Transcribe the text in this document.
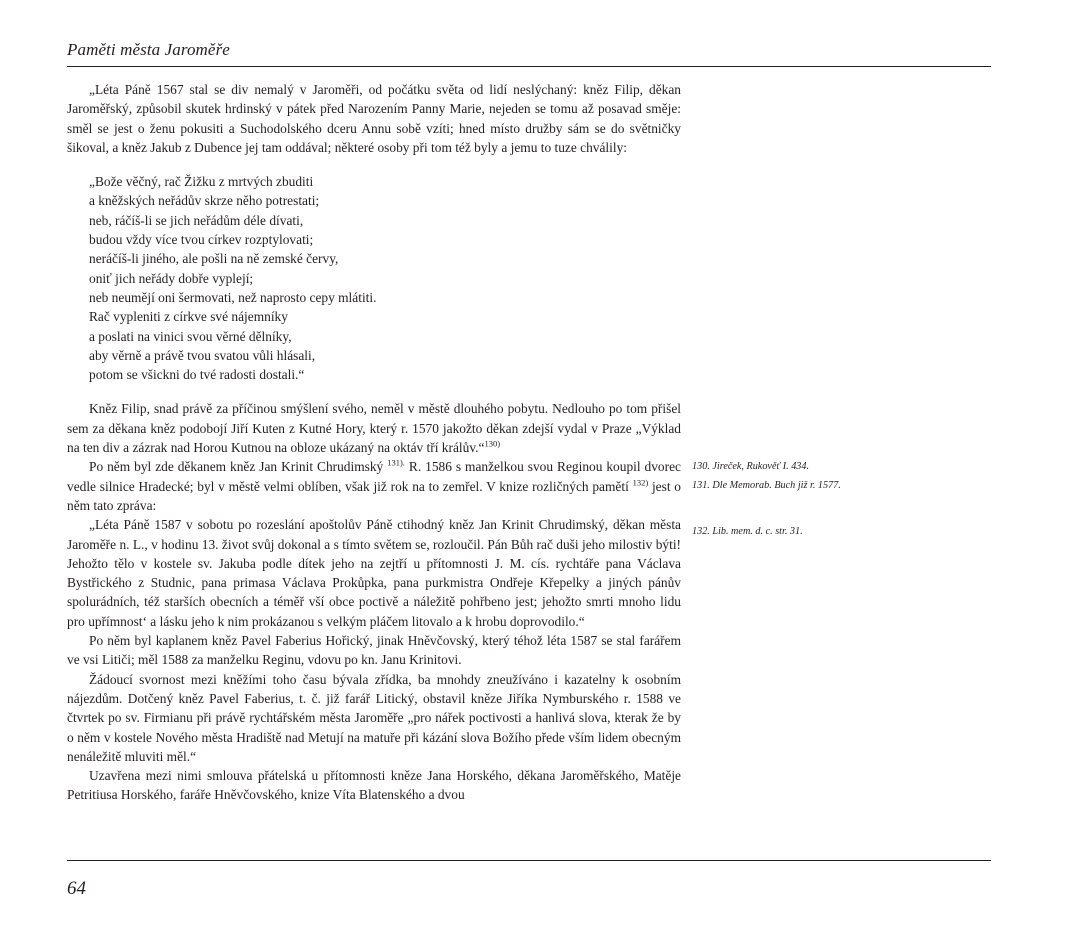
Paměti města Jaroměře

„Léta Páně 1567 stal se div nemalý v Jaroměři, od počátku světa od lidí neslýchaný: kněz Filip, děkan Jaroměřský, způsobil skutek hrdinský v pátek před Narozením Panny Marie, nejeden se tomu až posavad směje: směl se jest o ženu pokusiti a Suchodolského dceru Annu sobě vzíti; hned místo družby sám se do světničky šikoval, a kněz Jakub z Dubence jej tam oddával; některé osoby při tom též byly a jemu to tuze chválily:

„Bože věčný, rač Žižku z mrtvých zbuditi
a kněžských neřádův skrze něho potrestati;
neb, ráčíš-li se jich neřádům déle dívati,
budou vždy více tvou církev rozptylovati;
neráčíš-li jiného, ale pošli na ně zemské červy,
oniť jich neřády dobře vyplejí;
neb neumějí oni šermovati, než naprosto cepy mlátiti.
Rač vypleniti z církve své nájemníky
a poslati na vinici svou věrné dělníky,
aby věrně a právě tvou svatou vůli hlásali,
potom se všickni do tvé radosti dostali.“

Kněz Filip, snad právě za příčinou smýšlení svého, neměl v městě dlouhého pobytu. Nedlouho po tom přišel sem za děkana kněz podobojí Jiří Kuten z Kutné Hory, který r. 1570 jakožto děkan zdejší vydal v Praze „Výklad na ten div a zázrak nad Horou Kutnou na obloze ukázaný na oktáv tří králův.“$^{130)}$

Po něm byl zde děkanem kněz Jan Krinit Chrudimský $^{131).}$ R. 1586 s manželkou svou Reginou koupil dvorec vedle silnice Hradecké; byl v městě velmi oblíben, však již rok na to zemřel. V knize rozličných pamětí $^{132)}$ jest o něm tato zpráva:

„Léta Páně 1587 v sobotu po rozeslání apoštolův Páně ctihodný kněz Jan Krinit Chrudimský, děkan města Jaroměře n. L., v hodinu 13. život svůj dokonal a s tímto světem se, rozloučil. Pán Bůh rač duši jeho milostiv býti! Jehožto tělo v kostele sv. Jakuba podle dítek jeho na zejtří u přítomnosti J. M. cís. rychtáře pana Václava Bystřického z Studnic, pana primasa Václava Prokůpka, pana purkmistra Ondřeje Křepelky a jiných pánův spolurádních, též starších obecních a téměř vší obce poctivě a náležitě pohřbeno jest; jehožto smrti mnoho lidu pro upřímnost‘ a lásku jeho k nim prokázanou s velkým pláčem litovalo a k hrobu doprovodilo.“

Po něm byl kaplanem kněz Pavel Faberius Hořický, jinak Hněvčovský, který téhož léta 1587 se stal farářem ve vsi Litiči; měl 1588 za manželku Reginu, vdovu po kn. Janu Krinitovi.

Žádoucí svornost mezi kněžími toho času bývala zřídka, ba mnohdy zneužíváno i kazatelny k osobním nájezdům. Dotčený kněz Pavel Faberius, t. č. již farář Litický, obstavil kněze Jiříka Nymburského r. 1588 ve čtvrtek po sv. Firmianu při právě rychtářském města Jaroměře „pro nářek poctivosti a hanlivá slova, kterak že by o něm v kostele Nového města Hradiště nad Metují na matuře při kázání slova Božího přede vším lidem obecným nenáležitě mluviti měl.“

Uzavřena mezi nimi smlouva přátelská u přítomnosti kněze Jana Horského, děkana Jaroměřského, Matěje Petritiusa Horského, faráře Hněvčovského, knize Víta Blatenského a dvou

130. Jireček, Rukověť I. 434.
131. Dle Memorab. Buch již r. 1577.
132. Lib. mem. d. c. str. 31.
64
